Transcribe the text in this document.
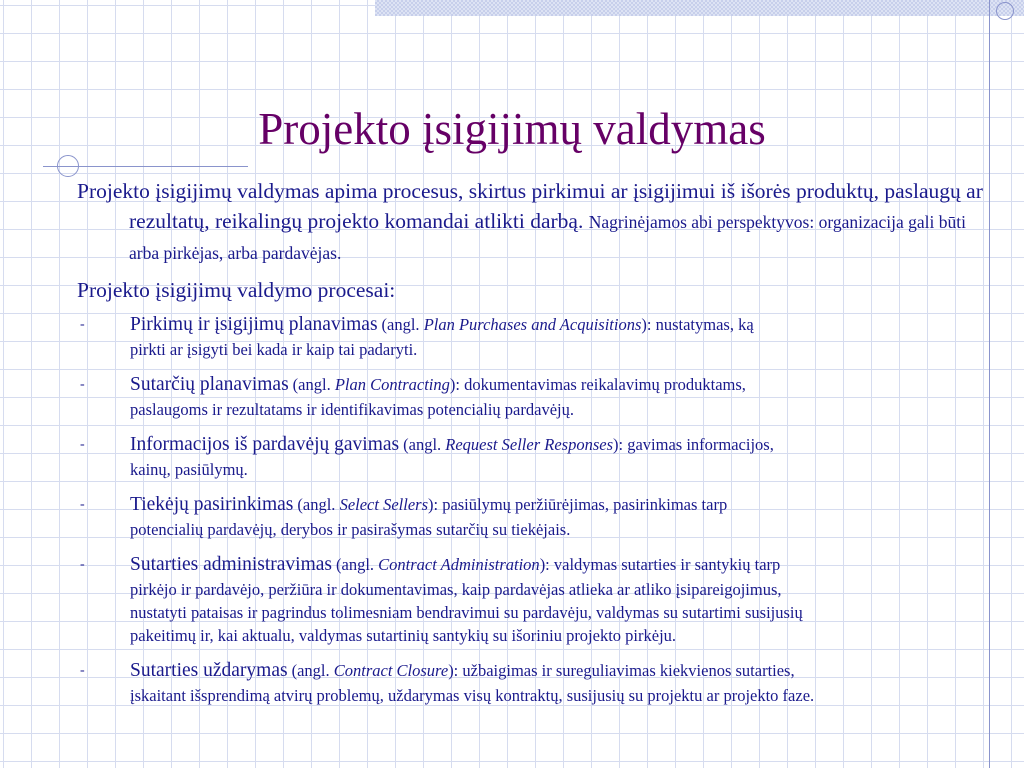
Projekto įsigijimų valdymas

Projekto įsigijimų valdymas apima procesus, skirtus pirkimui ar įsigijimui iš išorės produktų, paslaugų ar rezultatų, reikalingų projekto komandai atlikti darbą. Nagrinėjamos abi perspektyvos: organizacija gali būti arba pirkėjas, arba pardavėjas.

Projekto įsigijimų valdymo procesai:

- Pirkimų ir įsigijimų planavimas (angl. Plan Purchases and Acquisitions): nustatymas, ką
pirkti ar įsigyti bei kada ir kaip tai padaryti.
- Sutarčių planavimas (angl. Plan Contracting): dokumentavimas reikalavimų produktams,
paslaugoms ir rezultatams ir identifikavimas potencialių pardavėjų.
- Informacijos iš pardavėjų gavimas (angl. Request Seller Responses): gavimas informacijos,
kainų, pasiūlymų.
- Tiekėjų pasirinkimas (angl. Select Sellers): pasiūlymų peržiūrėjimas, pasirinkimas tarp
potencialių pardavėjų, derybos ir pasirašymas sutarčių su tiekėjais.
- Sutarties administravimas (angl. Contract Administration): valdymas sutarties ir santykių tarp
pirkėjo ir pardavėjo, peržiūra ir dokumentavimas, kaip pardavėjas atlieka ar atliko įsipareigojimus,
nustatyti pataisas ir pagrindus tolimesniam bendravimui su pardavėju, valdymas su sutartimi susijusių
pakeitimų ir, kai aktualu, valdymas sutartinių santykių su išoriniu projekto pirkėju.
- Sutarties uždarymas (angl. Contract Closure): užbaigimas ir sureguliavimas kiekvienos sutarties,
įskaitant išsprendimą atvirų problemų, uždarymas visų kontraktų, susijusių su projektu ar projekto faze.
